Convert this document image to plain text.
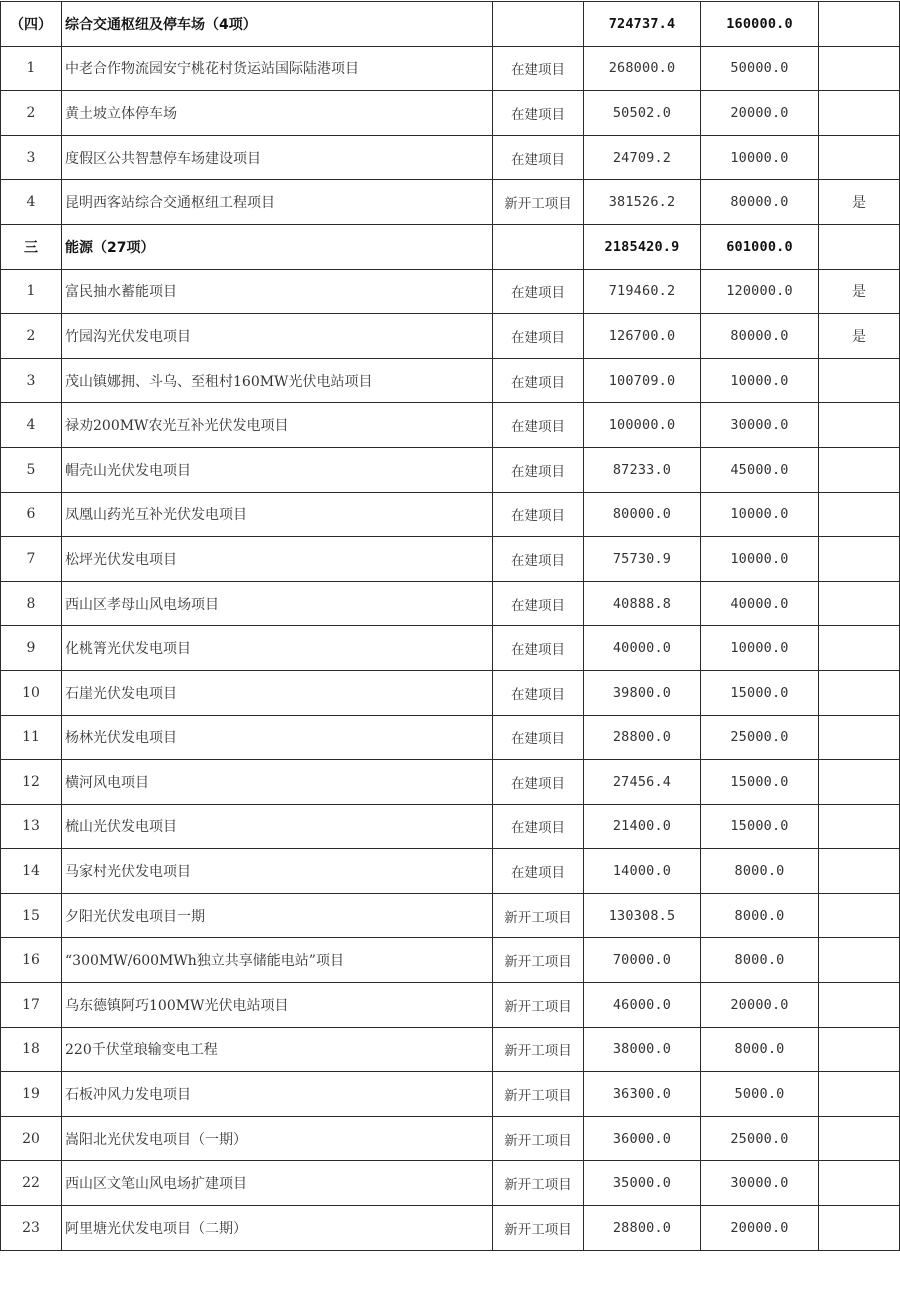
（四）	综合交通枢纽及停车场（4项）		724737.4	160000.0	
1	中老合作物流园安宁桃花村货运站国际陆港项目	在建项目	268000.0	50000.0	
2	黄土坡立体停车场	在建项目	50502.0	20000.0	
3	度假区公共智慧停车场建设项目	在建项目	24709.2	10000.0	
4	昆明西客站综合交通枢纽工程项目	新开工项目	381526.2	80000.0	是
三	能源（27项）		2185420.9	601000.0	
1	富民抽水蓄能项目	在建项目	719460.2	120000.0	是
2	竹园沟光伏发电项目	在建项目	126700.0	80000.0	是
3	茂山镇娜拥、斗乌、至租村160MW光伏电站项目	在建项目	100709.0	10000.0	
4	禄劝200MW农光互补光伏发电项目	在建项目	100000.0	30000.0	
5	帽壳山光伏发电项目	在建项目	87233.0	45000.0	
6	凤凰山药光互补光伏发电项目	在建项目	80000.0	10000.0	
7	松坪光伏发电项目	在建项目	75730.9	10000.0	
8	西山区孝母山风电场项目	在建项目	40888.8	40000.0	
9	化桃箐光伏发电项目	在建项目	40000.0	10000.0	
10	石崖光伏发电项目	在建项目	39800.0	15000.0	
11	杨林光伏发电项目	在建项目	28800.0	25000.0	
12	横河风电项目	在建项目	27456.4	15000.0	
13	梳山光伏发电项目	在建项目	21400.0	15000.0	
14	马家村光伏发电项目	在建项目	14000.0	8000.0	
15	夕阳光伏发电项目一期	新开工项目	130308.5	8000.0	
16	“300MW/600MWh独立共享储能电站”项目	新开工项目	70000.0	8000.0	
17	乌东德镇阿巧100MW光伏电站项目	新开工项目	46000.0	20000.0	
18	220千伏堂琅输变电工程	新开工项目	38000.0	8000.0	
19	石板冲风力发电项目	新开工项目	36300.0	5000.0	
20	嵩阳北光伏发电项目（一期）	新开工项目	36000.0	25000.0	
22	西山区文笔山风电场扩建项目	新开工项目	35000.0	30000.0	
23	阿里塘光伏发电项目（二期）	新开工项目	28800.0	20000.0	
